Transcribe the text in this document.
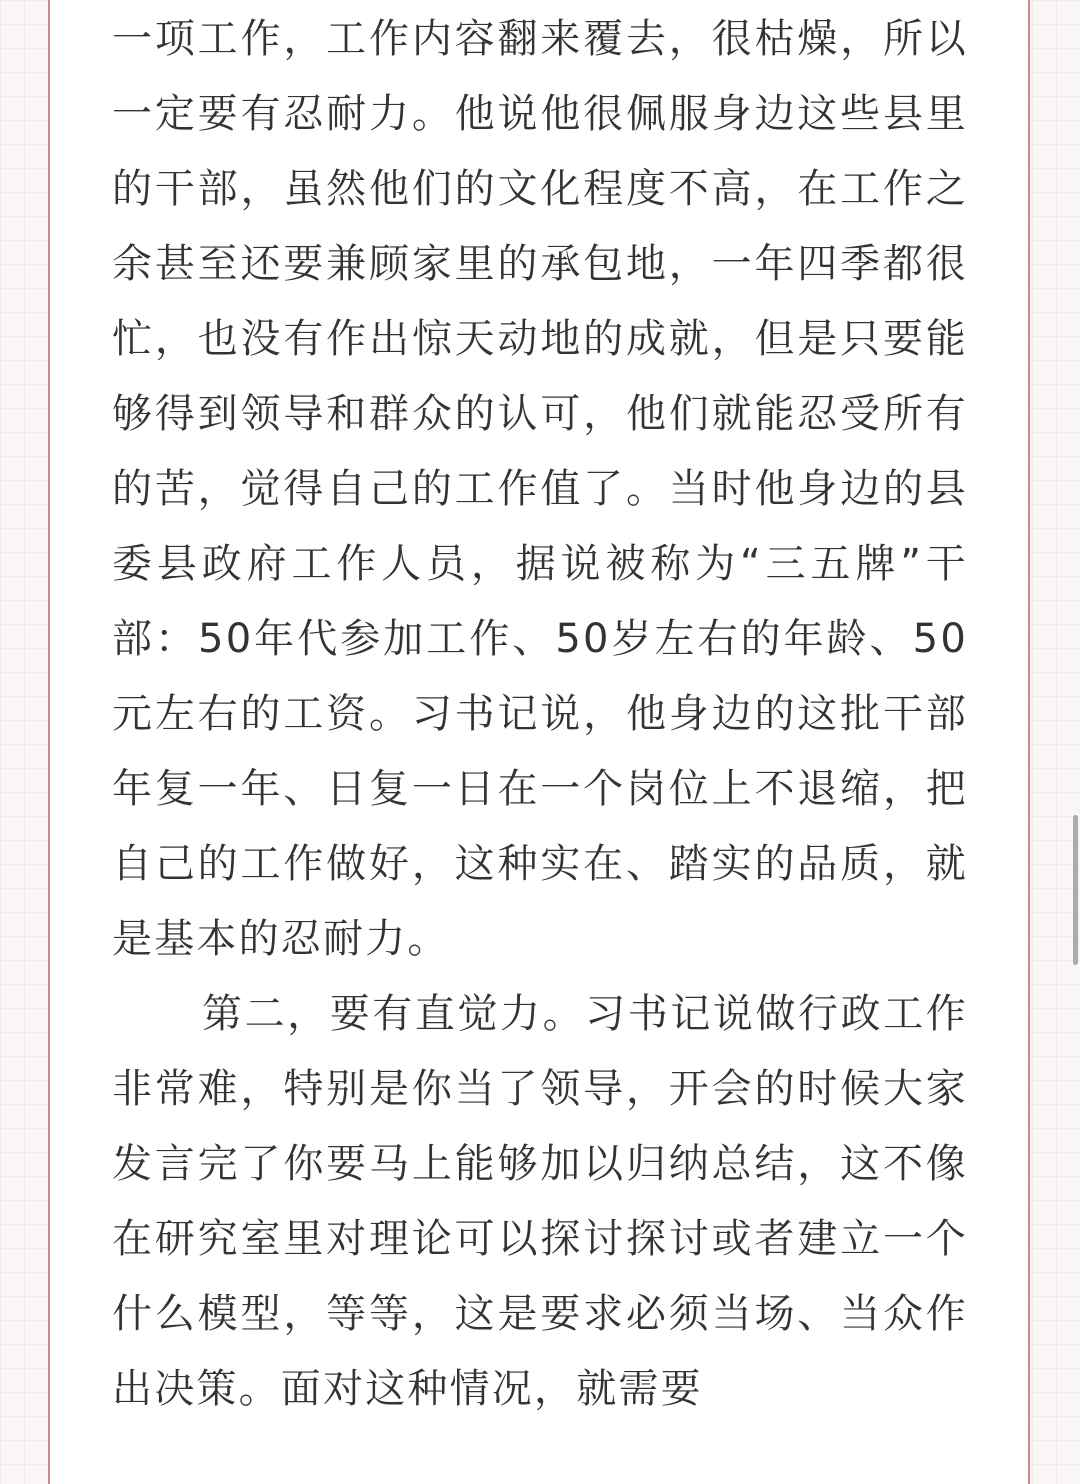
一项工作，工作内容翻来覆去，很枯燥，所以一定要有忍耐力。他说他很佩服身边这些县里的干部，虽然他们的文化程度不高，在工作之余甚至还要兼顾家里的承包地，一年四季都很忙，也没有作出惊天动地的成就，但是只要能够得到领导和群众的认可，他们就能忍受所有的苦，觉得自己的工作值了。当时他身边的县委县政府工作人员，据说被称为“三五牌”干部：50年代参加工作、50岁左右的年龄、50元左右的工资。习书记说，他身边的这批干部年复一年、日复一日在一个岗位上不退缩，把自己的工作做好，这种实在、踏实的品质，就是基本的忍耐力。

第二，要有直觉力。习书记说做行政工作非常难，特别是你当了领导，开会的时候大家发言完了你要马上能够加以归纳总结，这不像在研究室里对理论可以探讨探讨或者建立一个什么模型，等等，这是要求必须当场、当众作出决策。面对这种情况，就需要
